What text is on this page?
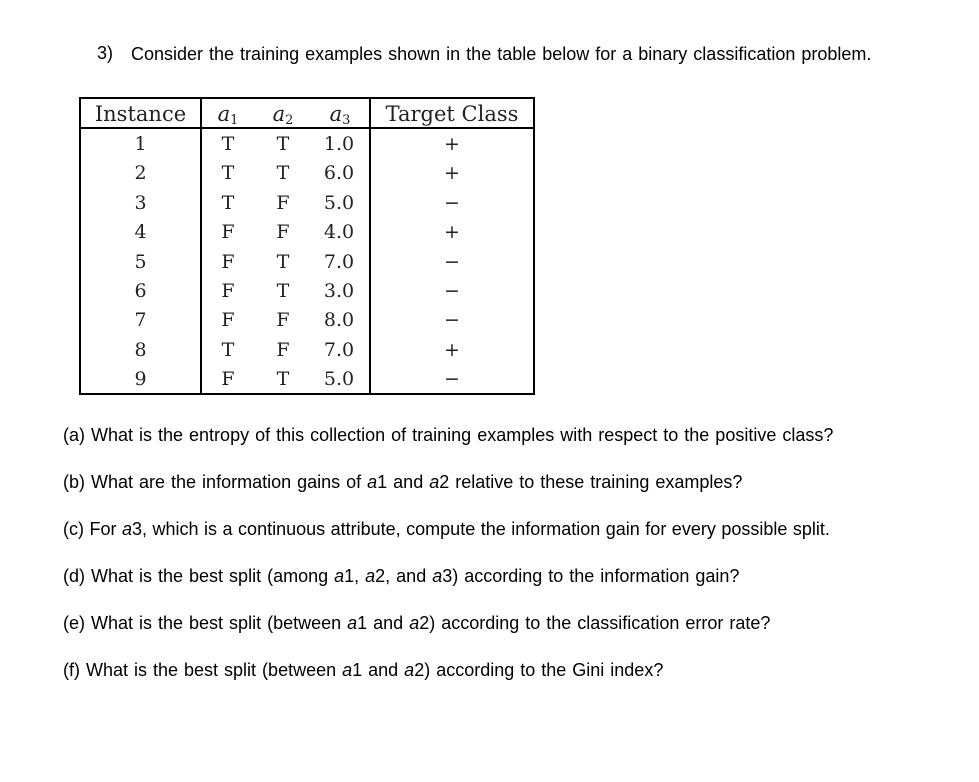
3) Consider the training examples shown in the table below for a binary classification problem.
Instance	$a_1$	$a_2$	$a_3$	Target Class
1	T	T	1.0	+
2	T	T	6.0	+
3	T	F	5.0	−
4	F	F	4.0	+
5	F	T	7.0	−
6	F	T	3.0	−
7	F	F	8.0	−
8	T	F	7.0	+
9	F	T	5.0	−
(a) What is the entropy of this collection of training examples with respect to the positive class?
(b) What are the information gains of a1 and a2 relative to these training examples?
(c) For a3, which is a continuous attribute, compute the information gain for every possible split.
(d) What is the best split (among a1, a2, and a3) according to the information gain?
(e) What is the best split (between a1 and a2) according to the classification error rate?
(f) What is the best split (between a1 and a2) according to the Gini index?
